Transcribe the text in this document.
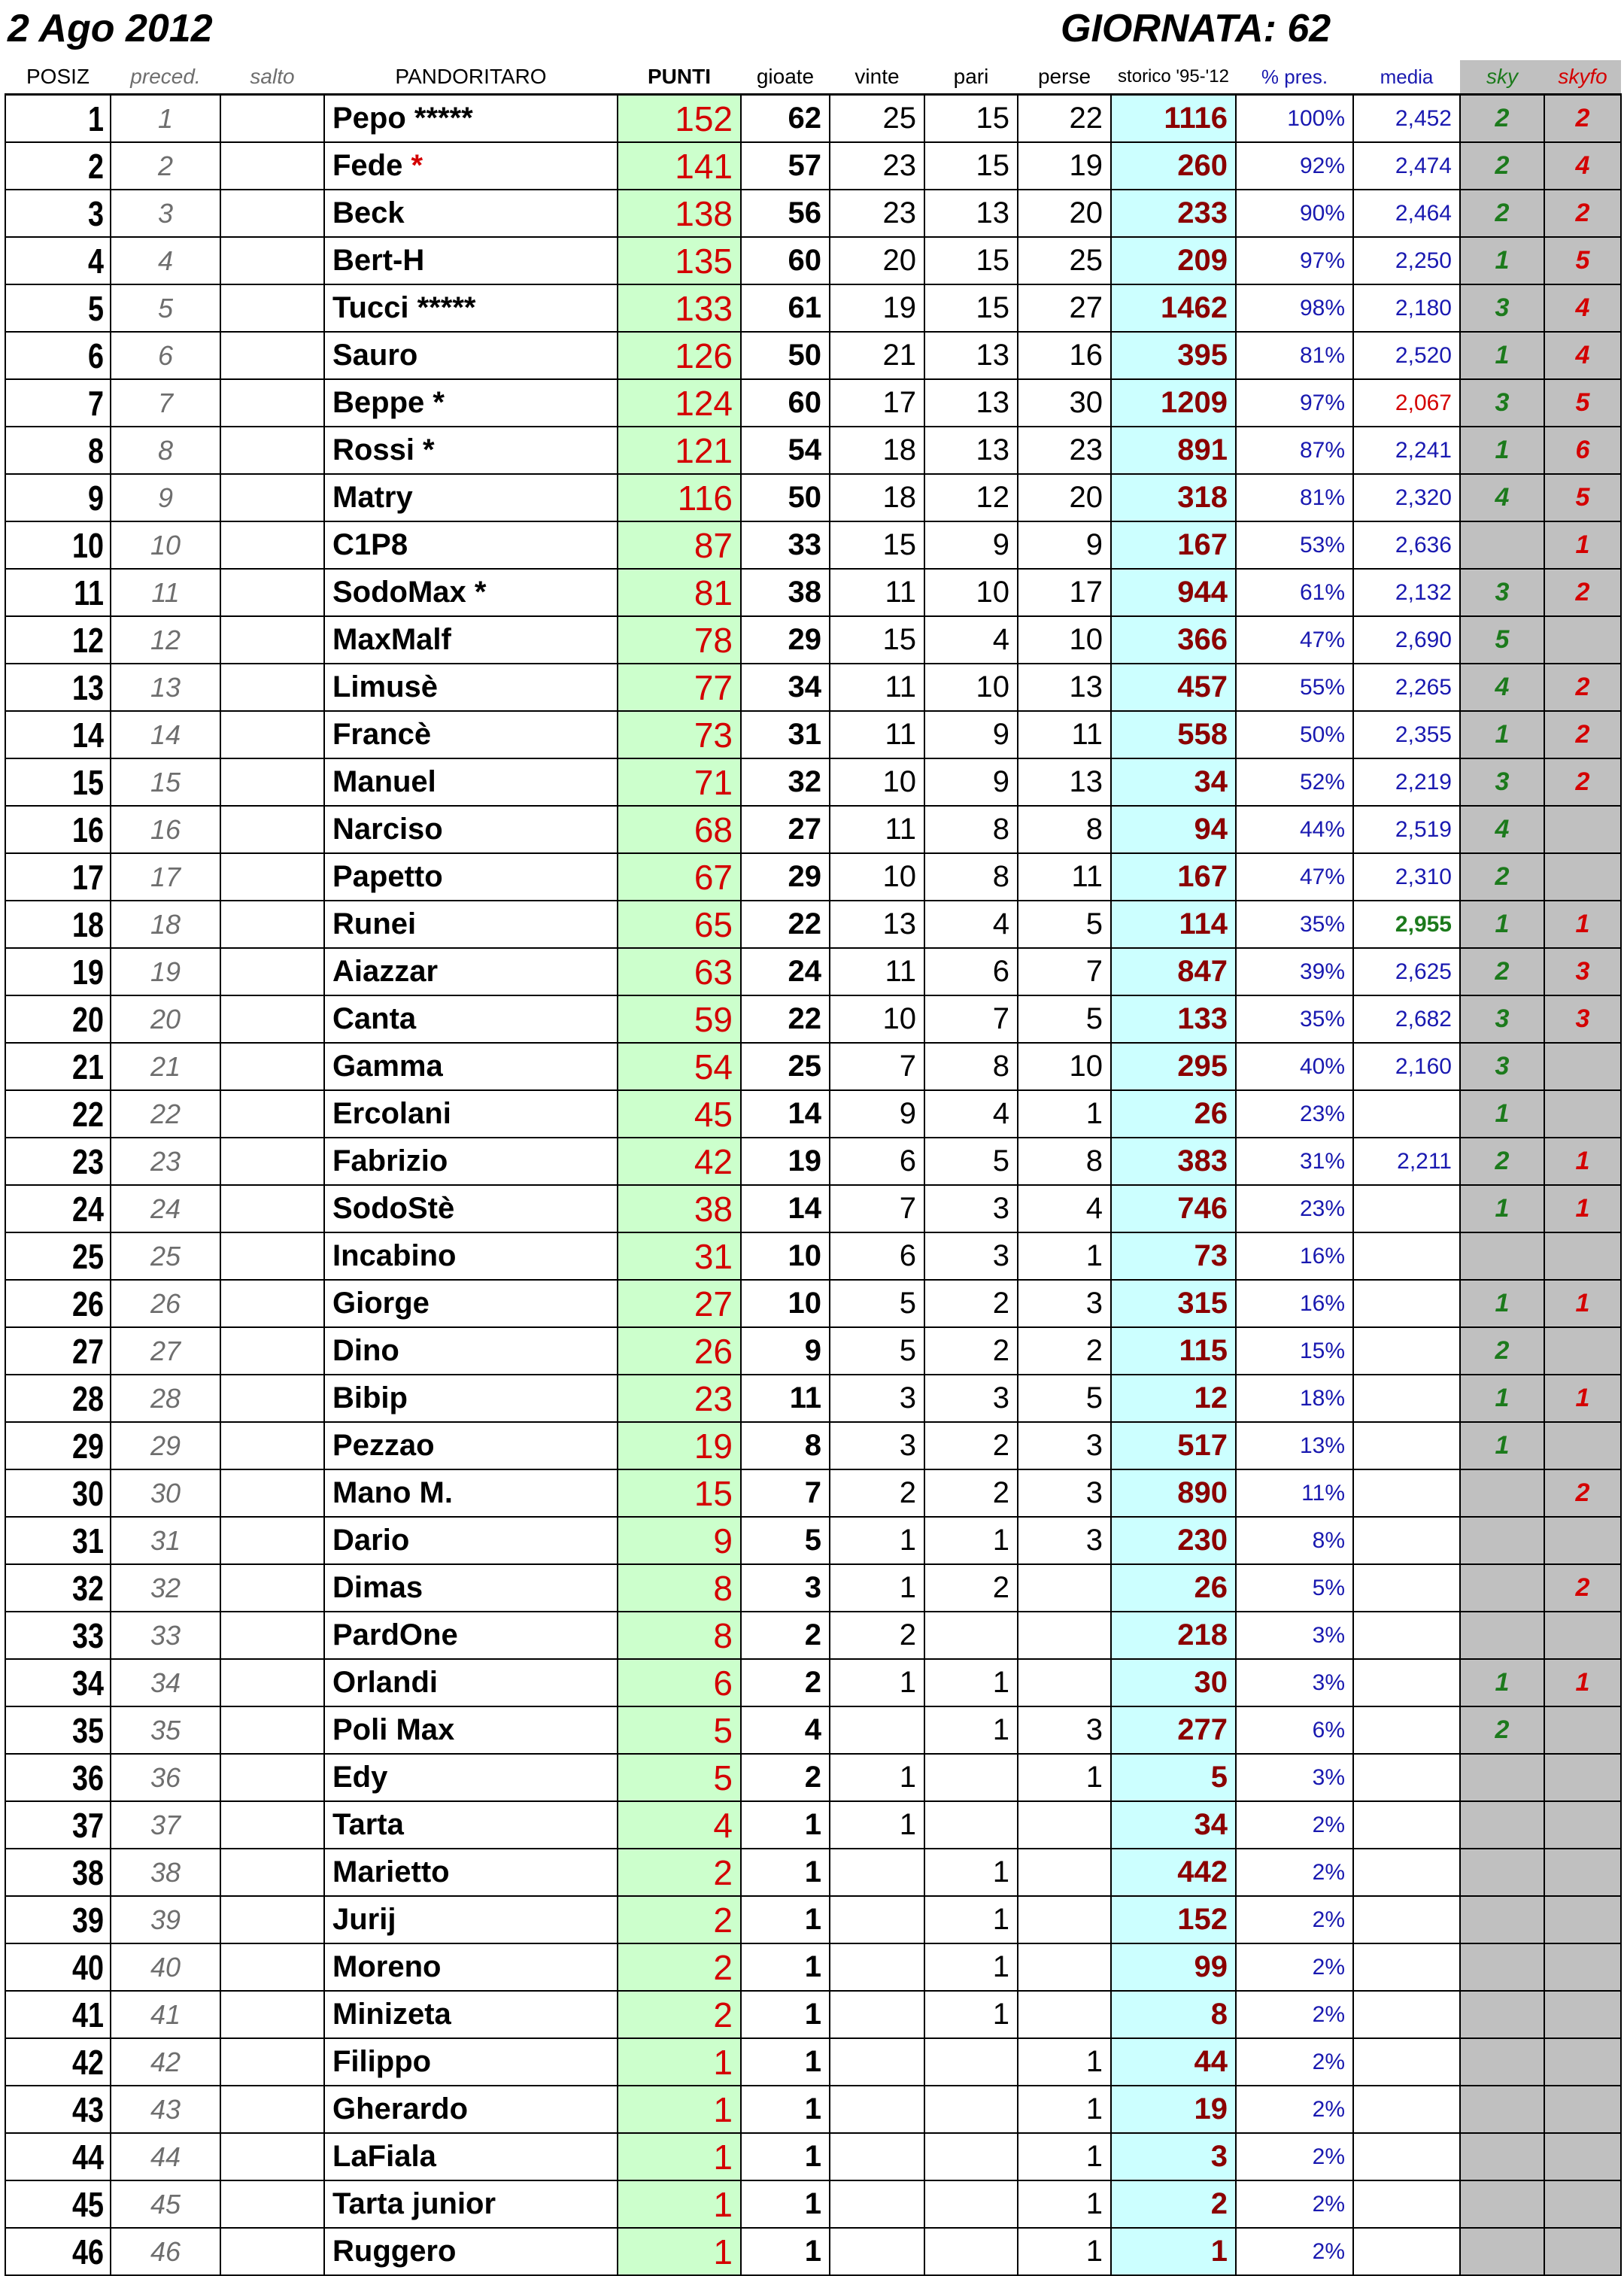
2 Ago 2012	GIORNATA: 62
POSIZ	preced.	salto	PANDORITARO	PUNTI	gioate	vinte	pari	perse	storico '95-'12	% pres.	media	sky	skyfo
1	1		Pepo *****	152	62	25	15	22	1116	100%	2,452	2	2
2	2		Fede *	141	57	23	15	19	260	92%	2,474	2	4
3	3		Beck	138	56	23	13	20	233	90%	2,464	2	2
4	4		Bert-H	135	60	20	15	25	209	97%	2,250	1	5
5	5		Tucci *****	133	61	19	15	27	1462	98%	2,180	3	4
6	6		Sauro	126	50	21	13	16	395	81%	2,520	1	4
7	7		Beppe *	124	60	17	13	30	1209	97%	2,067	3	5
8	8		Rossi *	121	54	18	13	23	891	87%	2,241	1	6
9	9		Matry	116	50	18	12	20	318	81%	2,320	4	5
10	10		C1P8	87	33	15	9	9	167	53%	2,636		1
11	11		SodoMax *	81	38	11	10	17	944	61%	2,132	3	2
12	12		MaxMalf	78	29	15	4	10	366	47%	2,690	5	
13	13		Limusè	77	34	11	10	13	457	55%	2,265	4	2
14	14		Francè	73	31	11	9	11	558	50%	2,355	1	2
15	15		Manuel	71	32	10	9	13	34	52%	2,219	3	2
16	16		Narciso	68	27	11	8	8	94	44%	2,519	4	
17	17		Papetto	67	29	10	8	11	167	47%	2,310	2	
18	18		Runei	65	22	13	4	5	114	35%	2,955	1	1
19	19		Aiazzar	63	24	11	6	7	847	39%	2,625	2	3
20	20		Canta	59	22	10	7	5	133	35%	2,682	3	3
21	21		Gamma	54	25	7	8	10	295	40%	2,160	3	
22	22		Ercolani	45	14	9	4	1	26	23%		1	
23	23		Fabrizio	42	19	6	5	8	383	31%	2,211	2	1
24	24		SodoStè	38	14	7	3	4	746	23%		1	1
25	25		Incabino	31	10	6	3	1	73	16%			
26	26		Giorge	27	10	5	2	3	315	16%		1	1
27	27		Dino	26	9	5	2	2	115	15%		2	
28	28		Bibip	23	11	3	3	5	12	18%		1	1
29	29		Pezzao	19	8	3	2	3	517	13%		1	
30	30		Mano M.	15	7	2	2	3	890	11%			2
31	31		Dario	9	5	1	1	3	230	8%			
32	32		Dimas	8	3	1	2		26	5%			2
33	33		PardOne	8	2	2			218	3%			
34	34		Orlandi	6	2	1	1		30	3%		1	1
35	35		Poli Max	5	4		1	3	277	6%		2	
36	36		Edy	5	2	1		1	5	3%			
37	37		Tarta	4	1	1			34	2%			
38	38		Marietto	2	1		1		442	2%			
39	39		Jurij	2	1		1		152	2%			
40	40		Moreno	2	1		1		99	2%			
41	41		Minizeta	2	1		1		8	2%			
42	42		Filippo	1	1			1	44	2%			
43	43		Gherardo	1	1			1	19	2%			
44	44		LaFiala	1	1			1	3	2%			
45	45		Tarta junior	1	1			1	2	2%			
46	46		Ruggero	1	1			1	1	2%			
